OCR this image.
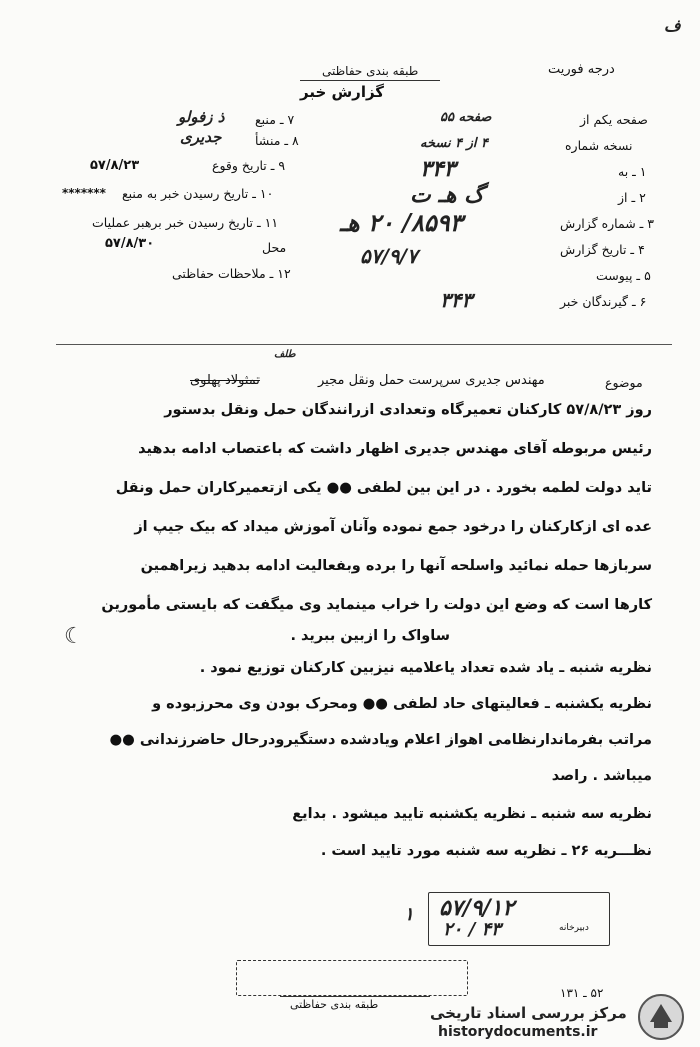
ف
درجه فوریت
طبقه بندی حفاظتی
گزارش خبر
صفحه یکم از
صفحه ۵۵
نسخه شماره
۴ از ۴ نسخه
۱ ـ به
۳۴۳
۲ ـ از
گ هـ ت
۳ ـ شماره گزارش
۸۵۹۳/ ۲۰ هـ
۴ ـ تاریخ گزارش
۵۷/۹/۷
۵ ـ پیوست
۶ ـ گیرندگان خبر
۳۴۳
۷ ـ منبع
ذ زفولو
۸ ـ منشأ
جدیری
۹ ـ تاریخ وقوع
۵۷/۸/۲۳
۱۰ ـ تاریخ رسیدن خبر به منبع
*******
۱۱ ـ تاریخ رسیدن خبر برهبر عملیات
محل
۵۷/۸/۳۰
۱۲ ـ ملاحظات حفاظتی
طلف
موضوع
مهندس جدیری سرپرست حمل ونقل مجیر
تمثولاد پهلوی
روز ۵۷/۸/۲۳ کارکنان تعمیرگاه وتعدادی ازرانندگان حمل ونقل بدستور
رئیس مربوطه آقای مهندس جدیری اظهار داشت که باعتصاب ادامه بدهید
تاید دولت لطمه بخورد . در این بین لطفی ●● یکی ازتعمیرکاران حمل ونقل
عده ای ازکارکنان را درخود جمع نموده وآنان آموزش میداد که بیک جیپ از
سربازها حمله نمائید واسلحه آنها را برده وبفعالیت ادامه بدهید زیراهمین
کارها است که وضع این دولت را خراب مینماید وی میگفت که بایستی مأمورین
ساواک را ازبین ببرید .
☾
نظریه شنبه ـ یاد شده تعداد یاعلامیه نیزبین کارکنان توزیع نمود .
نظریه یکشنبه ـ فعالیتهای حاد لطفی ●● ومحرک بودن وی محرزبوده و
مراتب بفرماندارنظامی اهواز اعلام ویادشده دستگیرودرحال حاضرزندانی ●●
میباشد . راصد
نظریه سه شنبه ـ نظریه یکشنبه تایید میشود . بدایع
نظـــریه ۲۶ ـ نظریه سه شنبه مورد تایید است .
۵۷/۹/۱۲
دبیرخانه
۴۳ / ۲۰
۱
طبقه بندی حفاظتی
۵۲ ـ ۱۳۱
مرکز بررسی اسناد تاریخی
historydocuments.ir
